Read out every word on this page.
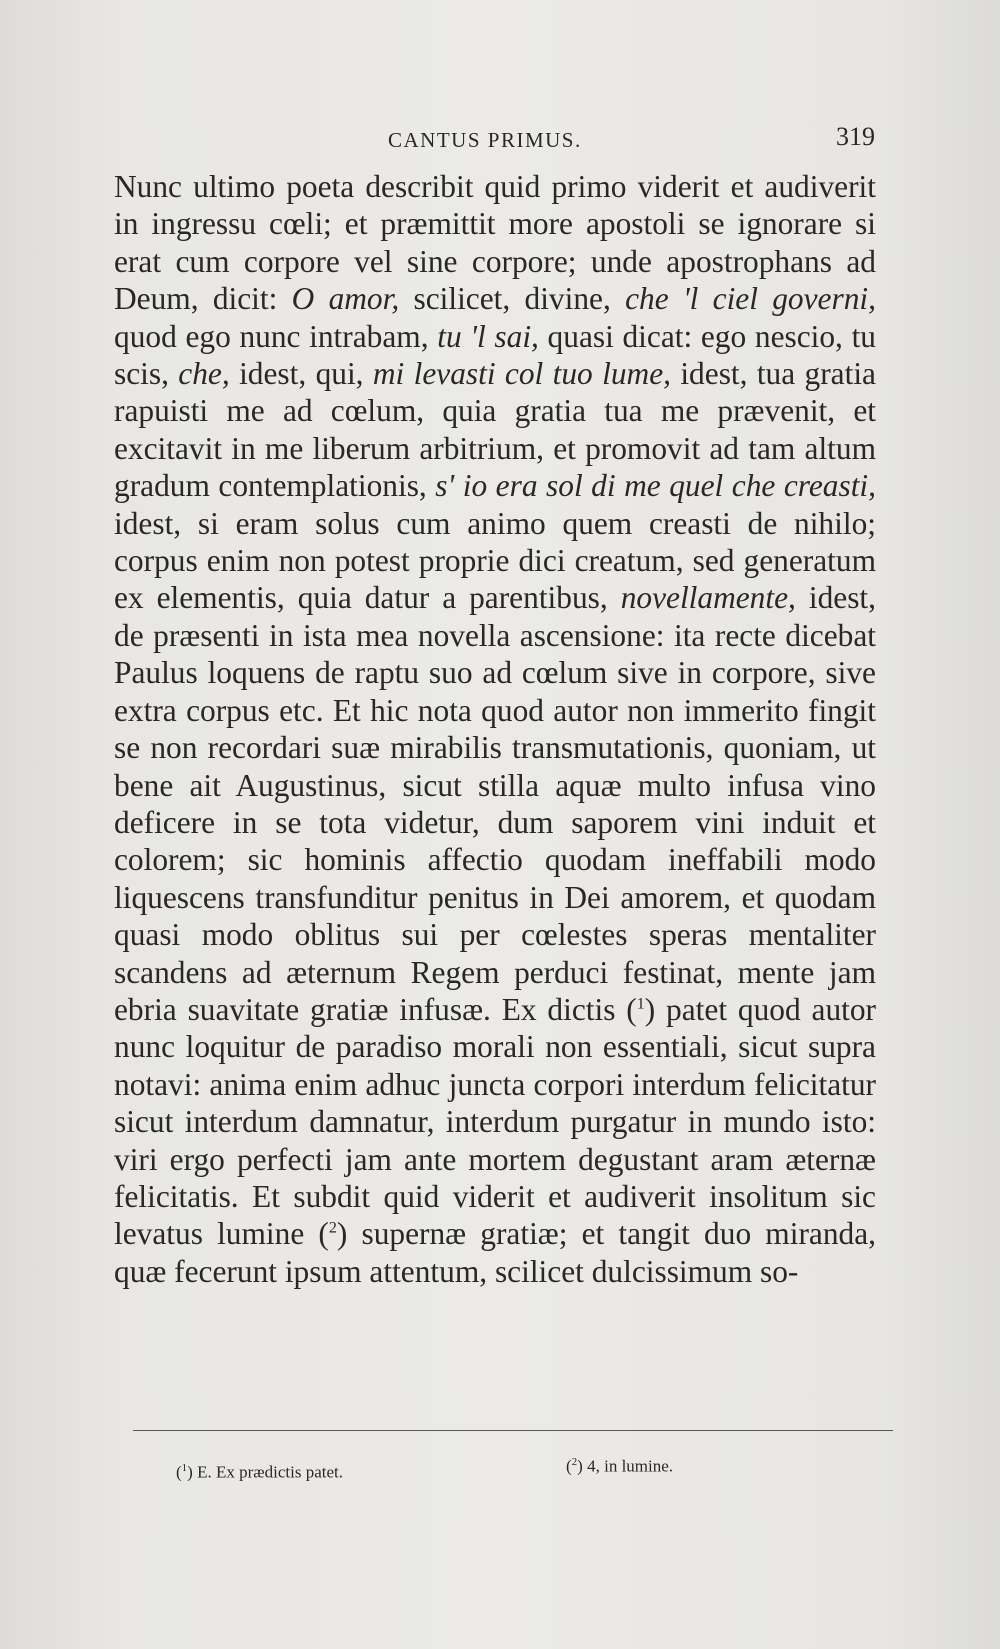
CANTUS PRIMUS.	319

Nunc ultimo poeta describit quid primo viderit et audiverit in ingressu cœli; et præmittit more apostoli se ignorare si erat cum corpore vel sine corpore; unde apostrophans ad Deum, dicit: O amor, scilicet, divine, che 'l ciel governi, quod ego nunc intrabam, tu 'l sai, quasi dicat: ego nescio, tu scis, che, idest, qui, mi levasti col tuo lume, idest, tua gratia rapuisti me ad cœlum, quia gratia tua me prævenit, et excitavit in me liberum arbitrium, et promovit ad tam altum gradum contemplationis, s' io era sol di me quel che creasti, idest, si eram solus cum animo quem creasti de nihilo; corpus enim non potest proprie dici creatum, sed generatum ex elementis, quia datur a parentibus, novellamente, idest, de præsenti in ista mea novella ascensione: ita recte dicebat Paulus loquens de raptu suo ad cœlum sive in corpore, sive extra corpus etc. Et hic nota quod autor non immerito fingit se non recordari suæ mirabilis transmutationis, quoniam, ut bene ait Augustinus, sicut stilla aquæ multo infusa vino deficere in se tota videtur, dum saporem vini induit et colorem; sic hominis affectio quodam ineffabili modo liquescens transfunditur penitus in Dei amorem, et quodam quasi modo oblitus sui per cœlestes speras mentaliter scandens ad æternum Regem perduci festinat, mente jam ebria suavitate gratiæ infusæ. Ex dictis ($^1$) patet quod autor nunc loquitur de paradiso morali non essentiali, sicut supra notavi: anima enim adhuc juncta corpori interdum felicitatur sicut interdum damnatur, interdum purgatur in mundo isto: viri ergo perfecti jam ante mortem degustant aram æternæ felicitatis. Et subdit quid viderit et audiverit insolitum sic levatus lumine ($^2$) supernæ gratiæ; et tangit duo miranda, quæ fecerunt ipsum attentum, scilicet dulcissimum so-

($^1$) E. Ex prædictis patet.	($^2$) 4, in lumine.
